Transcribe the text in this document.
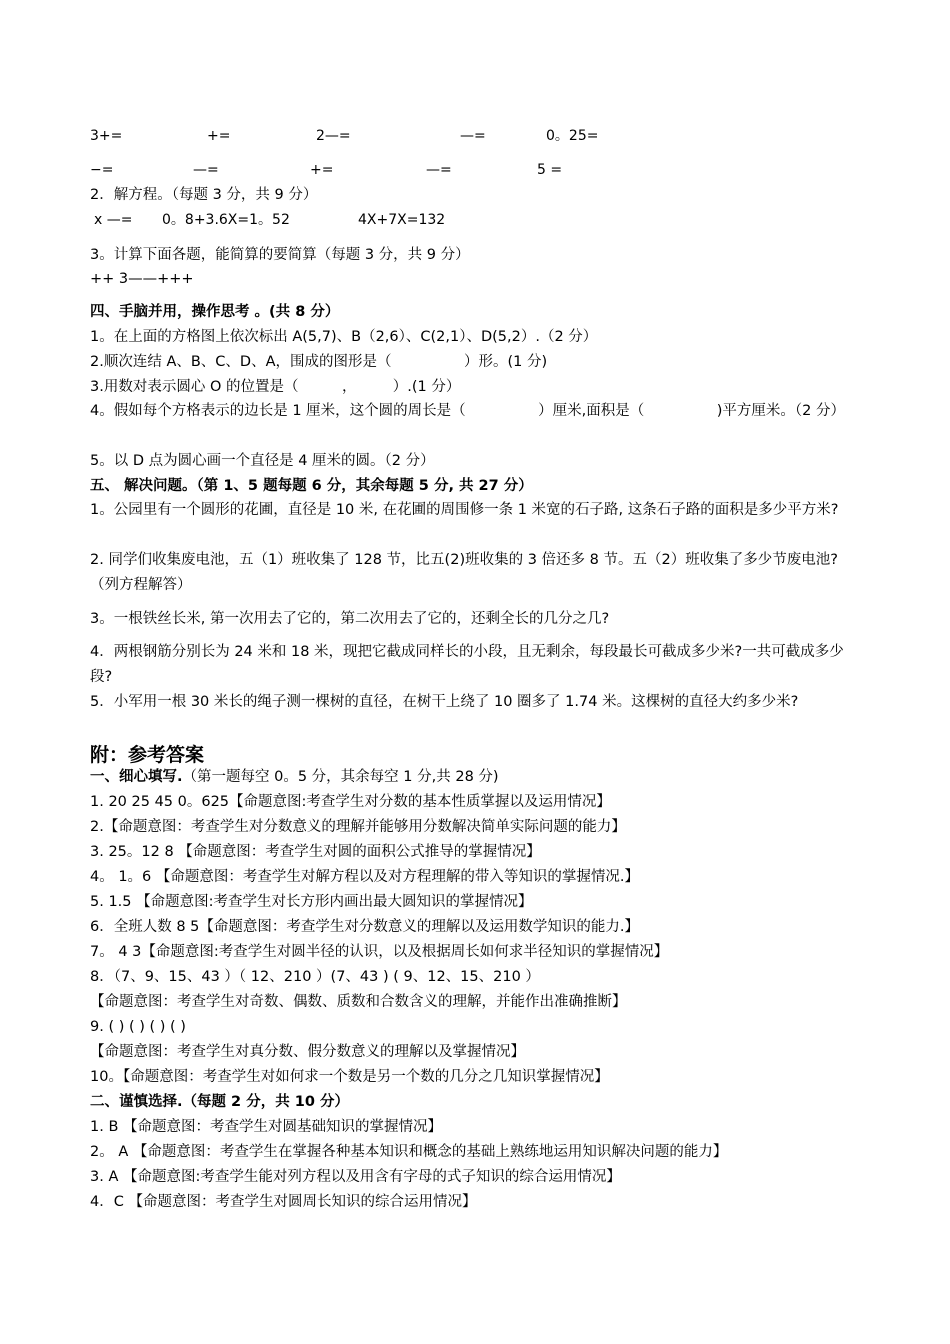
3+=	+=	2—=	—=	0。25=
−=	—=	+=	—=	5 =
2．解方程。（每题 3 分，共 9 分）
x —= 0。8+3.6X=1。52	4X+7X=132
3。计算下面各题，能简算的要简算（每题 3 分，共 9 分）
++ 3——+++
四、手脑并用，操作思考 。(共 8 分）
1。在上面的方格图上依次标出 A(5,7)、B（2,6）、C(2,1）、D(5,2）.（2 分）
2.顺次连结 A、B、C、D、A，围成的图形是（　　　　　）形。(1 分)
3.用数对表示圆心 O 的位置是（　　　，　　　）.(1 分）
4。假如每个方格表示的边长是 1 厘米，这个圆的周长是（　　　　　）厘米,面积是（　　　　　)平方厘米。（2 分）
5。以 D 点为圆心画一个直径是 4 厘米的圆。（2 分）
五、 解决问题。（第 1、5 题每题 6 分，其余每题 5 分, 共 27 分）
1。公园里有一个圆形的花圃，直径是 10 米, 在花圃的周围修一条 1 米宽的石子路, 这条石子路的面积是多少平方米?
2. 同学们收集废电池，五（1）班收集了 128 节，比五(2)班收集的 3 倍还多 8 节。五（2）班收集了多少节废电池?（列方程解答）
3。一根铁丝长米, 第一次用去了它的，第二次用去了它的，还剩全长的几分之几?
4．两根钢筋分别长为 24 米和 18 米，现把它截成同样长的小段，且无剩余，每段最长可截成多少米?一共可截成多少段?
5．小军用一根 30 米长的绳子测一棵树的直径，在树干上绕了 10 圈多了 1.74 米。这棵树的直径大约多少米?
附：参考答案
一、细心填写.（第一题每空 0。5 分，其余每空 1 分,共 28 分)
1. 20 25 45 0。625【命题意图:考查学生对分数的基本性质掌握以及运用情况】
2.【命题意图：考查学生对分数意义的理解并能够用分数解决简单实际问题的能力】
3. 25。12 8 【命题意图：考查学生对圆的面积公式推导的掌握情况】
4。 1。6 【命题意图：考查学生对解方程以及对方程理解的带入等知识的掌握情况.】
5. 1.5 【命题意图:考查学生对长方形内画出最大圆知识的掌握情况】
6．全班人数 8 5【命题意图：考查学生对分数意义的理解以及运用数学知识的能力.】
7。 4 3【命题意图:考查学生对圆半径的认识，以及根据周长如何求半径知识的掌握情况】
8．（7、9、15、43 ）（ 12、210 ）(7、43 ) ( 9、12、15、210 ）
【命题意图：考查学生对奇数、偶数、质数和合数含义的理解，并能作出准确推断】
9. ( ) ( ) ( ) ( )
【命题意图：考查学生对真分数、假分数意义的理解以及掌握情况】
10。【命题意图：考查学生对如何求一个数是另一个数的几分之几知识掌握情况】
二、谨慎选择.（每题 2 分，共 10 分）
1. B 【命题意图：考查学生对圆基础知识的掌握情况】
2。 A 【命题意图：考查学生在掌握各种基本知识和概念的基础上熟练地运用知识解决问题的能力】
3. A 【命题意图:考查学生能对列方程以及用含有字母的式子知识的综合运用情况】
4．C 【命题意图：考查学生对圆周长知识的综合运用情况】
